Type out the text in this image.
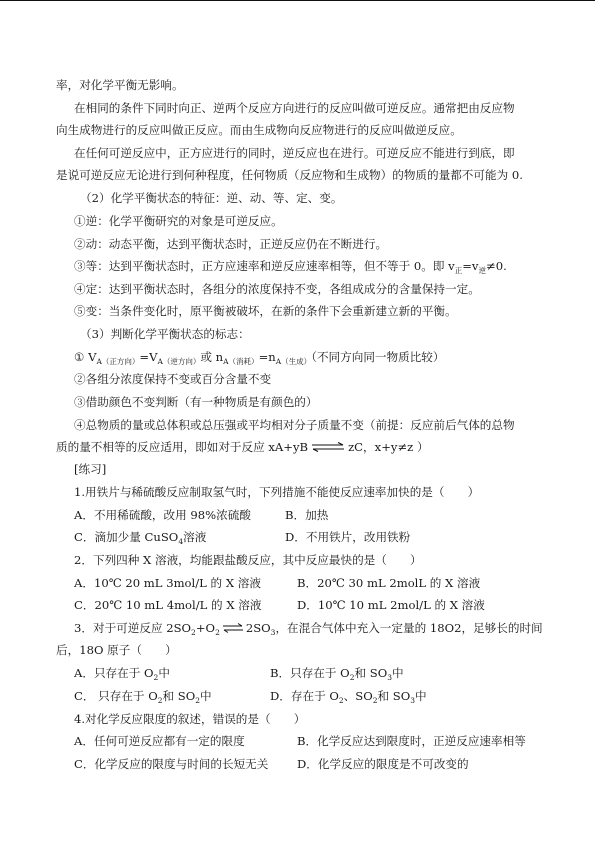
率，对化学平衡无影响。
在相同的条件下同时向正、逆两个反应方向进行的反应叫做可逆反应。通常把由反应物
向生成物进行的反应叫做正反应。而由生成物向反应物进行的反应叫做逆反应。
在任何可逆反应中，正方应进行的同时，逆反应也在进行。可逆反应不能进行到底，即
是说可逆反应无论进行到何种程度，任何物质（反应物和生成物）的物质的量都不可能为 0.
（2）化学平衡状态的特征：逆、动、等、定、变。
①逆：化学平衡研究的对象是可逆反应。
②动：动态平衡，达到平衡状态时，正逆反应仍在不断进行。
③等：达到平衡状态时，正方应速率和逆反应速率相等，但不等于 0。即 $v_正=v_逆\ne 0$.
④定：达到平衡状态时，各组分的浓度保持不变，各组成成分的含量保持一定。
⑤变：当条件变化时，原平衡被破坏，在新的条件下会重新建立新的平衡。
（3）判断化学平衡状态的标志：
① $V_{A(正方向)}=V_{A(逆方向)}$或 $n_{A(消耗)}=n_{A(生成)}$（不同方向同一物质比较）
②各组分浓度保持不变或百分含量不变
③借助颜色不变判断（有一种物质是有颜色的）
④总物质的量或总体积或总压强或平均相对分子质量不变（前提：反应前后气体的总物
质的量不相等的反应适用，即如对于反应 xA+yB ⇌ zC，x+y≠z ）
[练习]
1.用铁片与稀硫酸反应制取氢气时，下列措施不能使反应速率加快的是（　　）
A．不用稀硫酸，改用 98%浓硫酸	B．加热
C．滴加少量 CuSO$_4$溶液	D．不用铁片，改用铁粉
2．下列四种 X 溶液，均能跟盐酸反应，其中反应最快的是（　　）
A．10℃ 20 mL 3mol/L 的 X 溶液	B．20℃ 30 mL 2molL 的 X 溶液
C．20℃ 10 mL 4mol/L 的 X 溶液	D．10℃ 10 mL 2mol/L 的 X 溶液
3．对于可逆反应 $2SO_2+O_2$ ⇌ $2SO_3$，在混合气体中充入一定量的 18O2，足够长的时间
后，18O 原子（　　）
A．只存在于 $O_2$中	B．只存在于 $O_2$和 $SO_3$中
C． 只存在于 $O_2$和 $SO_2$中	D．存在于 $O_2$、$SO_2$和 $SO_3$中
4.对化学反应限度的叙述，错误的是（　　）
A．任何可逆反应都有一定的限度	B．化学反应达到限度时，正逆反应速率相等
C．化学反应的限度与时间的长短无关 D．化学反应的限度是不可改变的
